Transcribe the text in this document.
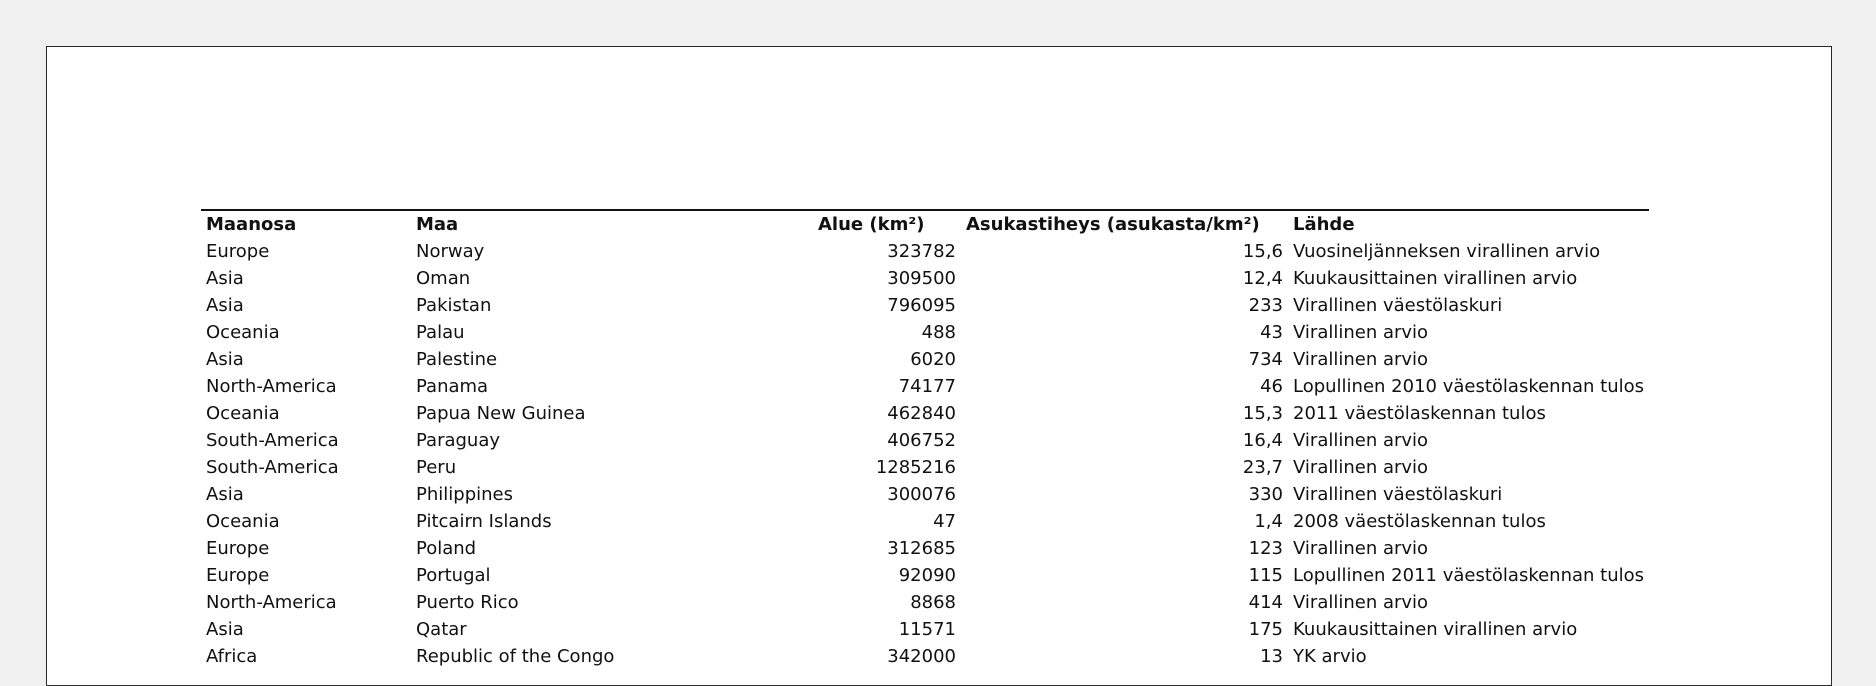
Maanosa	Maa	Alue (km²)	Asukastiheys (asukasta/km²)	Lähde
Europe	Norway	323782	15,6	Vuosineljänneksen virallinen arvio
Asia	Oman	309500	12,4	Kuukausittainen virallinen arvio
Asia	Pakistan	796095	233	Virallinen väestölaskuri
Oceania	Palau	488	43	Virallinen arvio
Asia	Palestine	6020	734	Virallinen arvio
North-America	Panama	74177	46	Lopullinen 2010 väestölaskennan tulos
Oceania	Papua New Guinea	462840	15,3	2011 väestölaskennan tulos
South-America	Paraguay	406752	16,4	Virallinen arvio
South-America	Peru	1285216	23,7	Virallinen arvio
Asia	Philippines	300076	330	Virallinen väestölaskuri
Oceania	Pitcairn Islands	47	1,4	2008 väestölaskennan tulos
Europe	Poland	312685	123	Virallinen arvio
Europe	Portugal	92090	115	Lopullinen 2011 väestölaskennan tulos
North-America	Puerto Rico	8868	414	Virallinen arvio
Asia	Qatar	11571	175	Kuukausittainen virallinen arvio
Africa	Republic of the Congo	342000	13	YK arvio
